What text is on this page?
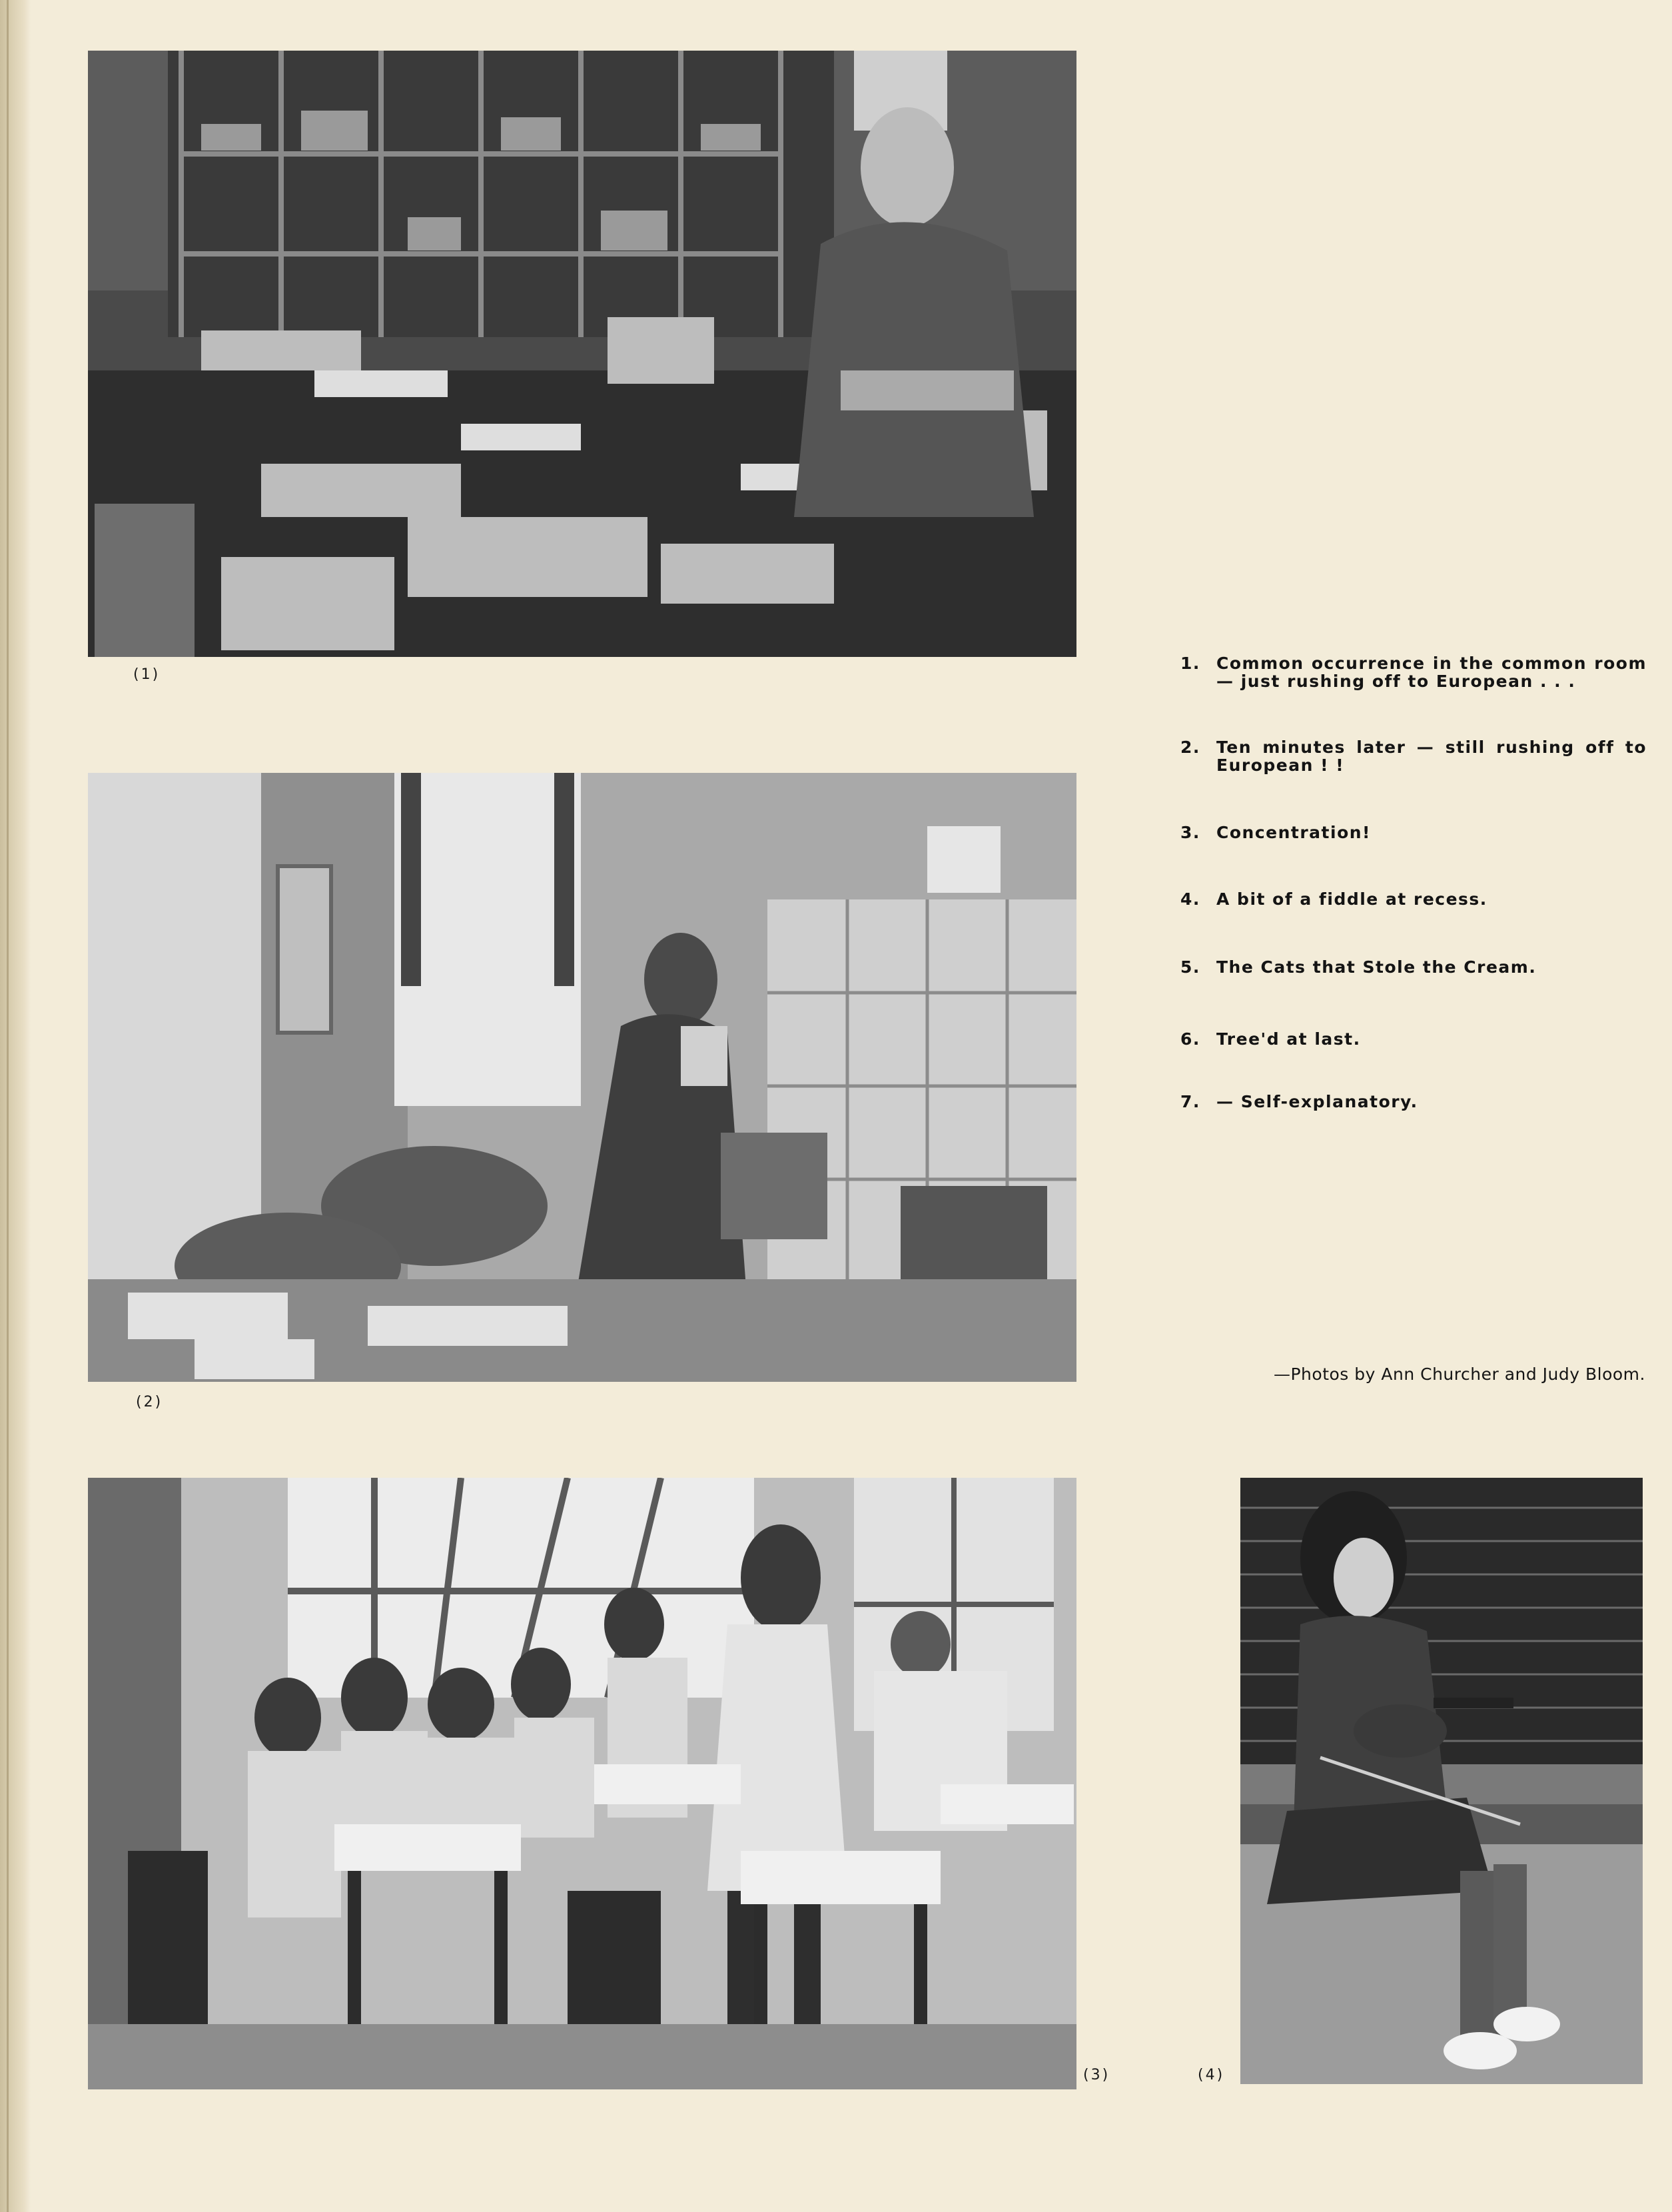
(1)
(2)
(3)	(4)
1. Common occurrence in the common room — just rushing off to European . . .
2. Ten minutes later — still rushing off to European ! !
3. Concentration!
4. A bit of a fiddle at recess.
5. The Cats that Stole the Cream.
6. Tree'd at last.
7. — Self-explanatory.
—Photos by Ann Churcher and Judy Bloom.
